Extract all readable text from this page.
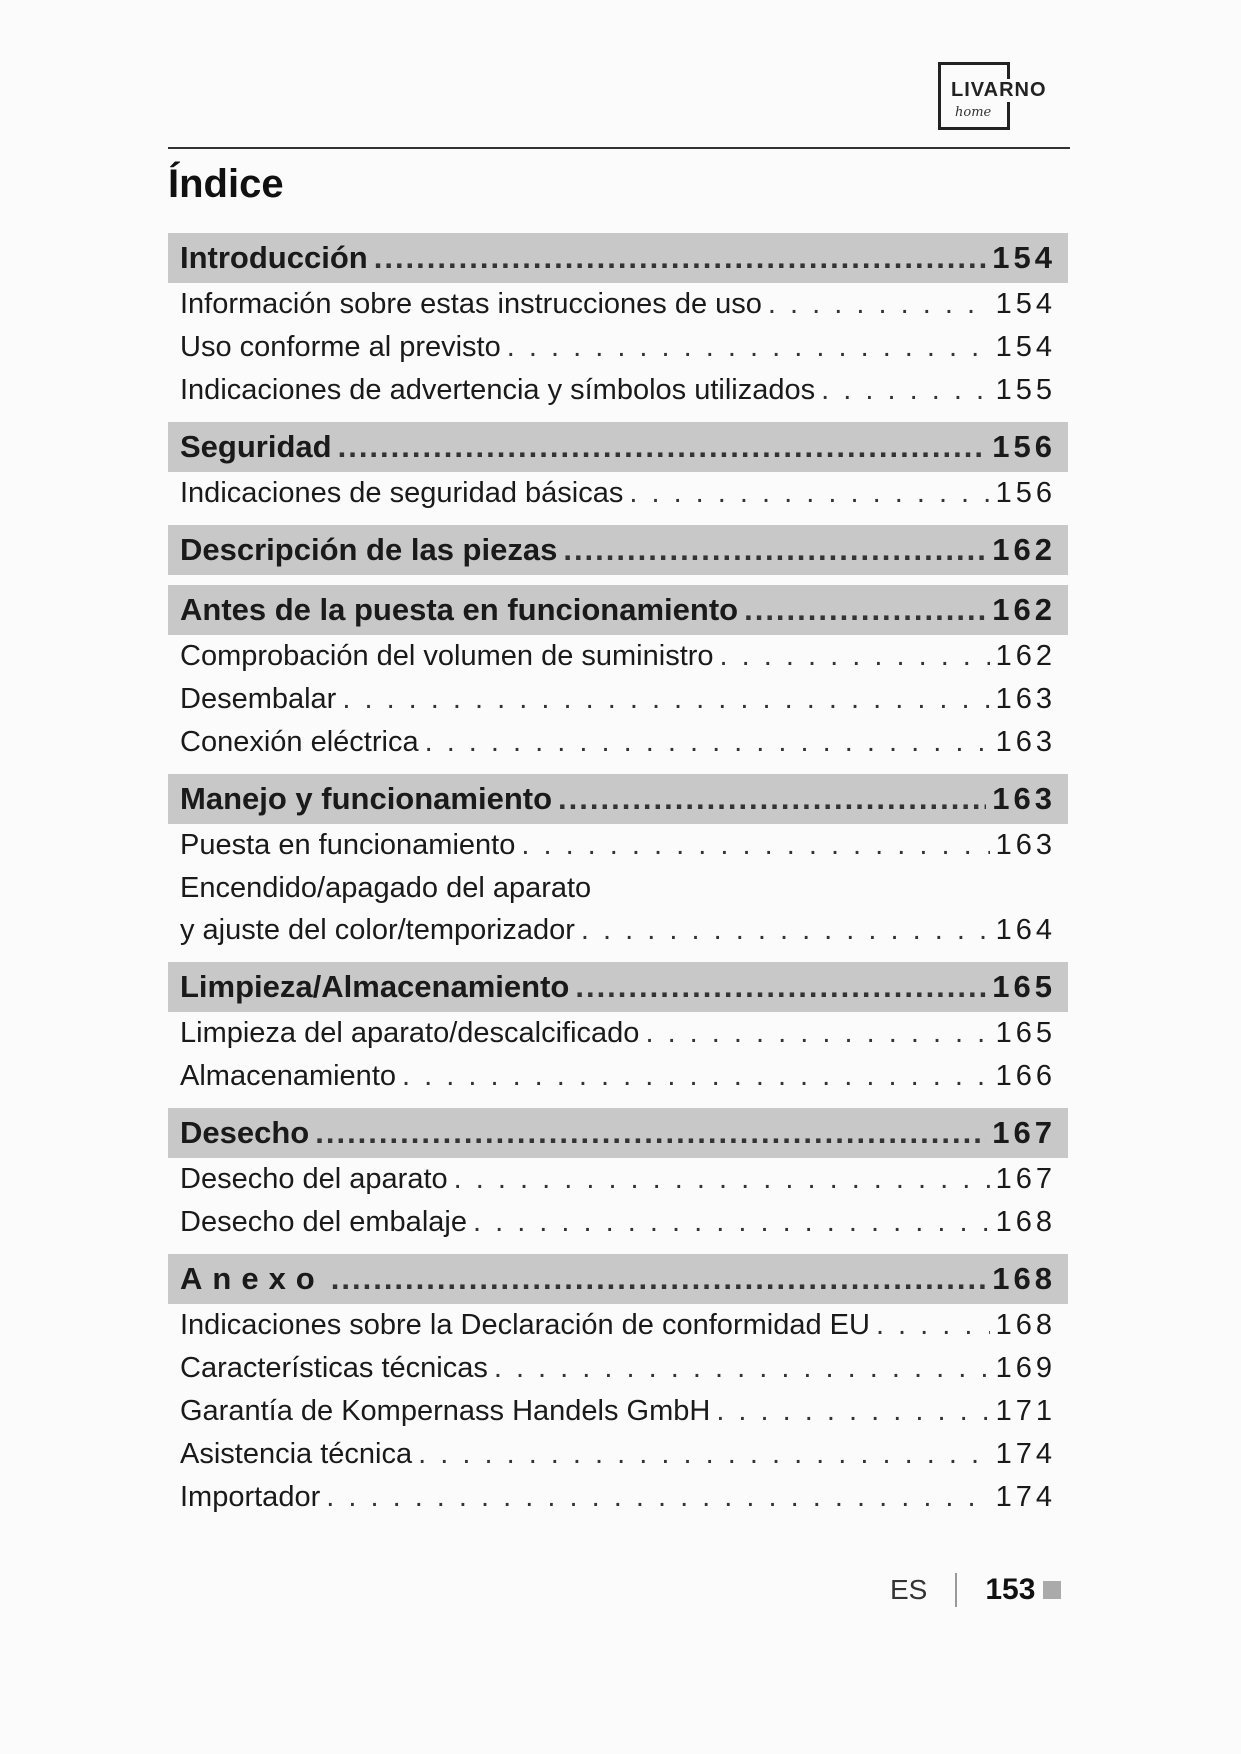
LIVARNO
home
Índice
Introducción .....	154
Información sobre estas instrucciones de uso . . .	154
Uso conforme al previsto . . .	154
Indicaciones de advertencia y símbolos utilizados . . .	155
Seguridad .....	156
Indicaciones de seguridad básicas . . .	156
Descripción de las piezas .....	162
Antes de la puesta en funcionamiento .....	162
Comprobación del volumen de suministro . . .	162
Desembalar . . .	163
Conexión eléctrica . . .	163
Manejo y funcionamiento .....	163
Puesta en funcionamiento . . .	163
Encendido/apagado del aparato
y ajuste del color/temporizador . . .	164
Limpieza/Almacenamiento .....	165
Limpieza del aparato/descalcificado . . .	165
Almacenamiento . . .	166
Desecho .....	167
Desecho del aparato . . .	167
Desecho del embalaje . . .	168
Anexo .....	168
Indicaciones sobre la Declaración de conformidad EU . . .	168
Características técnicas . . .	169
Garantía de Kompernass Handels GmbH . . .	171
Asistencia técnica . . .	174
Importador . . .	174
ES 153
